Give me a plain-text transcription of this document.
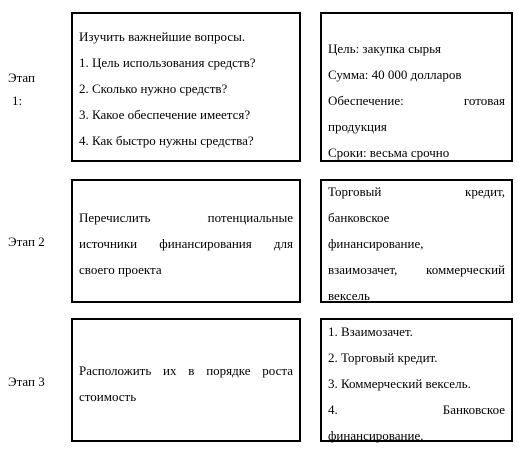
Этап
1:
Изучить важнейшие вопросы.
1. Цель использования средств?
2. Сколько нужно средств?
3. Какое обеспечение имеется?
4. Как быстро нужны средства?
Цель: закупка сырья
Сумма: 40 000 долларов
Обеспечение:	готовая
продукция
Сроки: весьма срочно
Этап 2
Перечислить потенциальные
источники финансирования для
своего проекта
Торговый кредит,
банковское
финансирование,
взаимозачет, коммерческий
вексель
Этап 3
Расположить их в порядке роста
стоимость
1. Взаимозачет.
2. Торговый кредит.
3. Коммерческий вексель.
4. Банковское
финансирование.
